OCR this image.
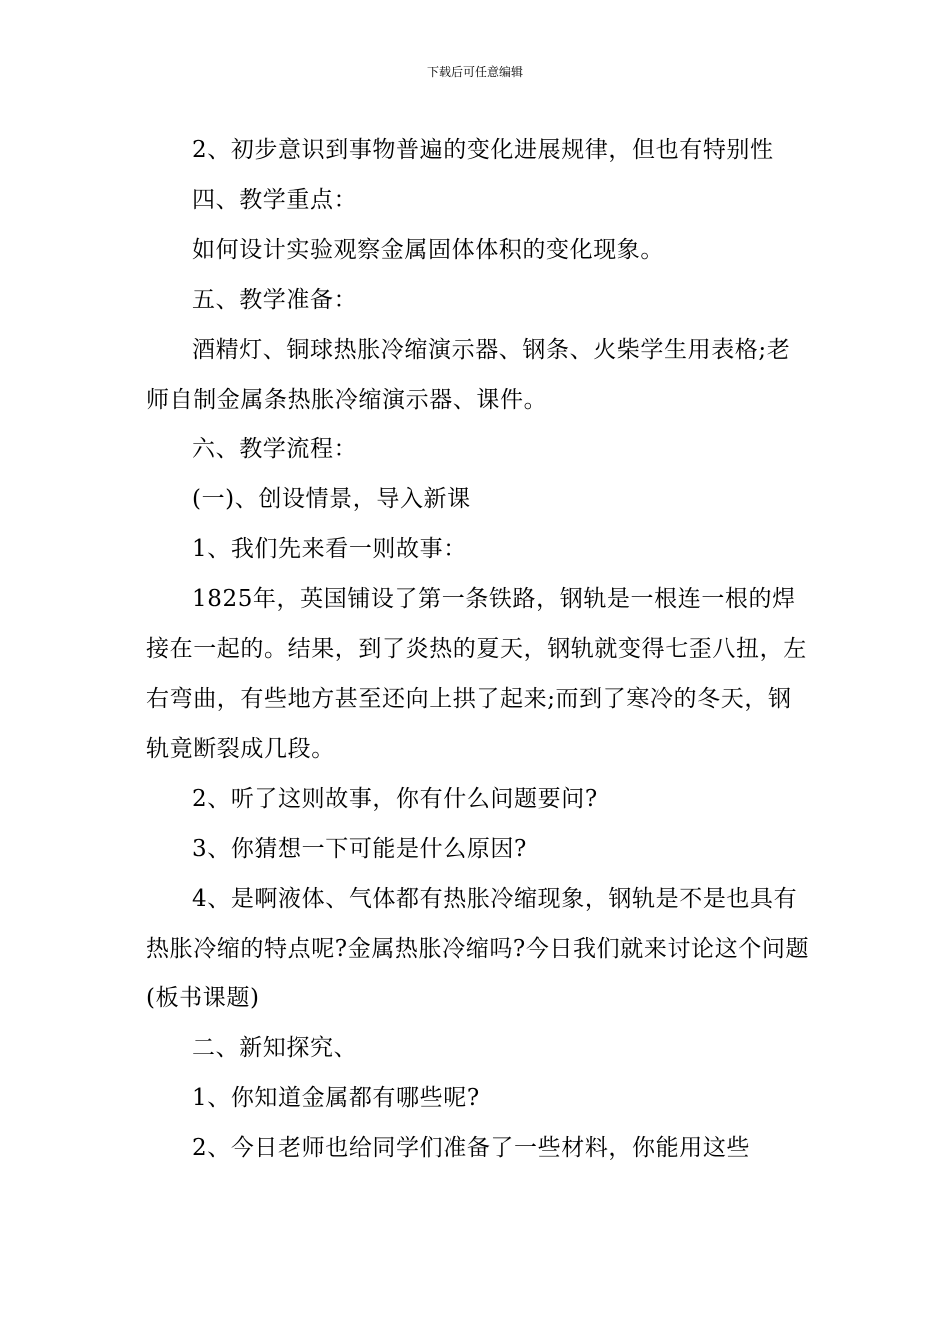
下载后可任意编辑

2、初步意识到事物普遍的变化进展规律，但也有特别性

四、教学重点：

如何设计实验观察金属固体体积的变化现象。

五、教学准备：

酒精灯、铜球热胀冷缩演示器、钢条、火柴学生用表格;老师自制金属条热胀冷缩演示器、课件。

六、教学流程：

(一)、创设情景，导入新课

1、我们先来看一则故事：

1825年，英国铺设了第一条铁路，钢轨是一根连一根的焊接在一起的。结果，到了炎热的夏天，钢轨就变得七歪八扭，左右弯曲，有些地方甚至还向上拱了起来;而到了寒冷的冬天，钢轨竟断裂成几段。

2、听了这则故事，你有什么问题要问?

3、你猜想一下可能是什么原因?

4、是啊液体、气体都有热胀冷缩现象，钢轨是不是也具有热胀冷缩的特点呢?金属热胀冷缩吗?今日我们就来讨论这个问题(板书课题)

二、新知探究、

1、你知道金属都有哪些呢?

2、今日老师也给同学们准备了一些材料，你能用这些
